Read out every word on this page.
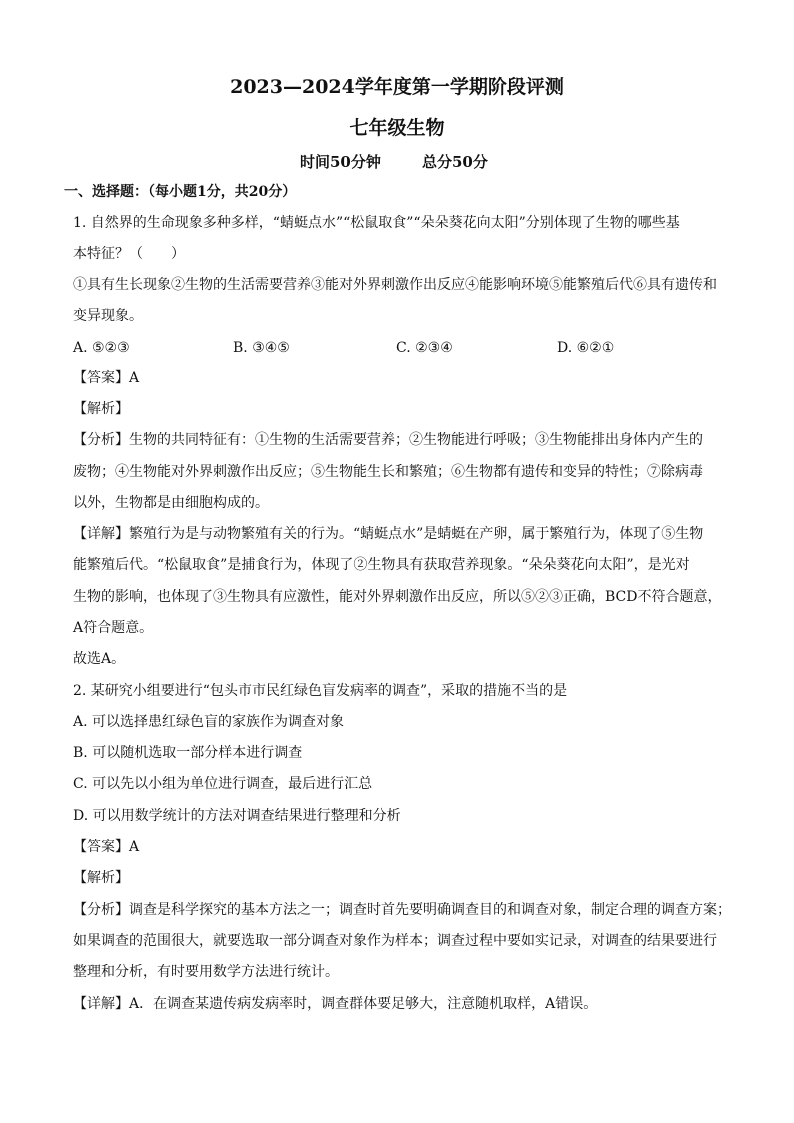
2023—2024学年度第一学期阶段评测
七年级生物
时间50分钟	总分50分
一、选择题：（每小题1分，共20分）
1. 自然界的生命现象多种多样，“蜻蜓点水”“松鼠取食”“朵朵葵花向太阳”分别体现了生物的哪些基
本特征？（　　）
①具有生长现象②生物的生活需要营养③能对外界刺激作出反应④能影响环境⑤能繁殖后代⑥具有遗传和
变异现象。
A. ⑤②③	B. ③④⑤	C. ②③④	D. ⑥②①
【答案】A
【解析】
【分析】生物的共同特征有：①生物的生活需要营养；②生物能进行呼吸；③生物能排出身体内产生的
废物；④生物能对外界刺激作出反应；⑤生物能生长和繁殖；⑥生物都有遗传和变异的特性；⑦除病毒
以外，生物都是由细胞构成的。
【详解】繁殖行为是与动物繁殖有关的行为。“蜻蜓点水”是蜻蜓在产卵，属于繁殖行为，体现了⑤生物
能繁殖后代。“松鼠取食”是捕食行为，体现了②生物具有获取营养现象。“朵朵葵花向太阳”，是光对
生物的影响，也体现了③生物具有应激性，能对外界刺激作出反应，所以⑤②③正确，BCD不符合题意，
A符合题意。
故选A。
2. 某研究小组要进行“包头市市民红绿色盲发病率的调查”，采取的措施不当的是
A. 可以选择患红绿色盲的家族作为调查对象
B. 可以随机选取一部分样本进行调查
C. 可以先以小组为单位进行调查，最后进行汇总
D. 可以用数学统计的方法对调查结果进行整理和分析
【答案】A
【解析】
【分析】调查是科学探究的基本方法之一；调查时首先要明确调查目的和调查对象，制定合理的调查方案；
如果调查的范围很大，就要选取一部分调查对象作为样本；调查过程中要如实记录，对调查的结果要进行
整理和分析，有时要用数学方法进行统计。
【详解】A．在调查某遗传病发病率时，调查群体要足够大，注意随机取样，A错误。
